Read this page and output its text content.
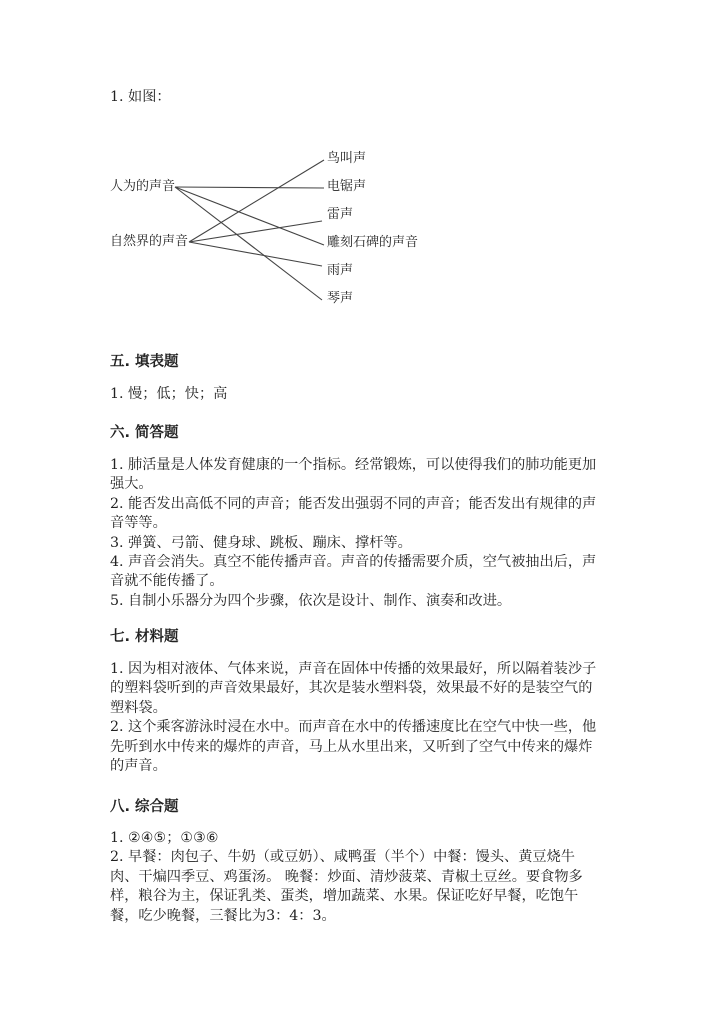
1. 如图：
人为的声音
自然界的声音
鸟叫声
电锯声
雷声
雕刻石碑的声音
雨声
琴声
五. 填表题
1. 慢；低；快；高
六. 简答题
1. 肺活量是人体发育健康的一个指标。经常锻炼，可以使得我们的肺功能更加
强大。
2. 能否发出高低不同的声音；能否发出强弱不同的声音；能否发出有规律的声
音等等。
3. 弹簧、弓箭、健身球、跳板、蹦床、撑杆等。
4. 声音会消失。真空不能传播声音。声音的传播需要介质，空气被抽出后，声
音就不能传播了。
5. 自制小乐器分为四个步骤，依次是设计、制作、演奏和改进。
七. 材料题
1. 因为相对液体、气体来说，声音在固体中传播的效果最好，所以隔着装沙子
的塑料袋听到的声音效果最好，其次是装水塑料袋，效果最不好的是装空气的
塑料袋。
2. 这个乘客游泳时浸在水中。而声音在水中的传播速度比在空气中快一些，他
先听到水中传来的爆炸的声音，马上从水里出来，又听到了空气中传来的爆炸
的声音。
八. 综合题
1. ②④⑤；①③⑥
2. 早餐：肉包子、牛奶（或豆奶）、咸鸭蛋（半个）中餐：馒头、黄豆烧牛
肉、干煸四季豆、鸡蛋汤。 晚餐：炒面、清炒菠菜、青椒土豆丝。要食物多
样，粮谷为主，保证乳类、蛋类，增加蔬菜、水果。保证吃好早餐，吃饱午
餐，吃少晚餐，三餐比为3：4：3。
